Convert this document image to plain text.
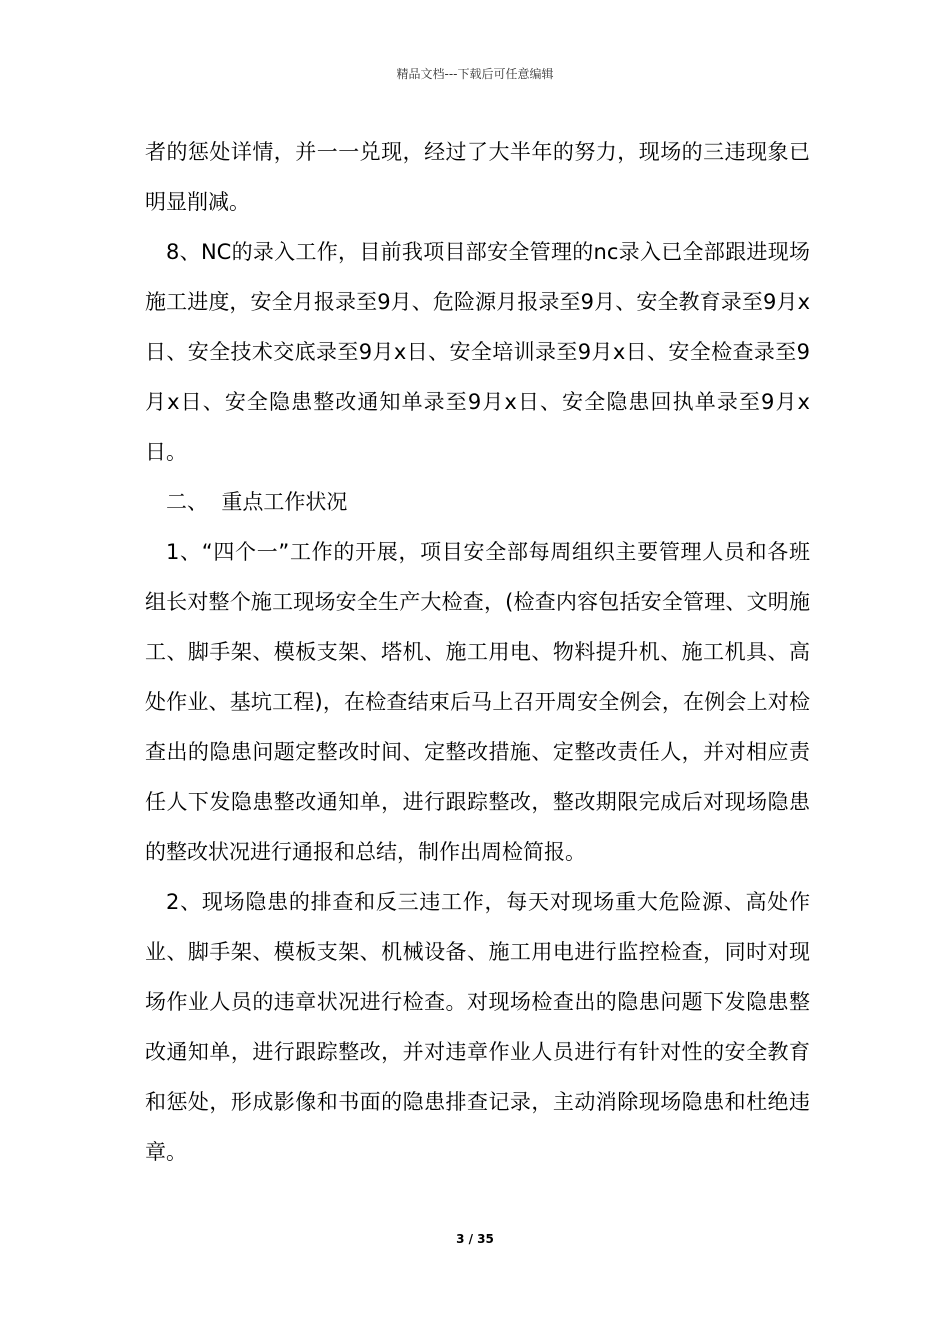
精品文档---下载后可任意编辑

者的惩处详情，并一一兑现，经过了大半年的努力，现场的三违现象已明显削减。

8、NC的录入工作，目前我项目部安全管理的nc录入已全部跟进现场施工进度，安全月报录至9月、危险源月报录至9月、安全教育录至9月x日、安全技术交底录至9月x日、安全培训录至9月x日、安全检查录至9月x日、安全隐患整改通知单录至9月x日、安全隐患回执单录至9月x日。

二、  重点工作状况

1、“四个一”工作的开展，项目安全部每周组织主要管理人员和各班组长对整个施工现场安全生产大检查，(检查内容包括安全管理、文明施工、脚手架、模板支架、塔机、施工用电、物料提升机、施工机具、高处作业、基坑工程)，在检查结束后马上召开周安全例会，在例会上对检查出的隐患问题定整改时间、定整改措施、定整改责任人，并对相应责任人下发隐患整改通知单，进行跟踪整改，整改期限完成后对现场隐患的整改状况进行通报和总结，制作出周检简报。

2、现场隐患的排查和反三违工作，每天对现场重大危险源、高处作业、脚手架、模板支架、机械设备、施工用电进行监控检查，同时对现场作业人员的违章状况进行检查。对现场检查出的隐患问题下发隐患整改通知单，进行跟踪整改，并对违章作业人员进行有针对性的安全教育和惩处，形成影像和书面的隐患排查记录，主动消除现场隐患和杜绝违章。

3 / 35
